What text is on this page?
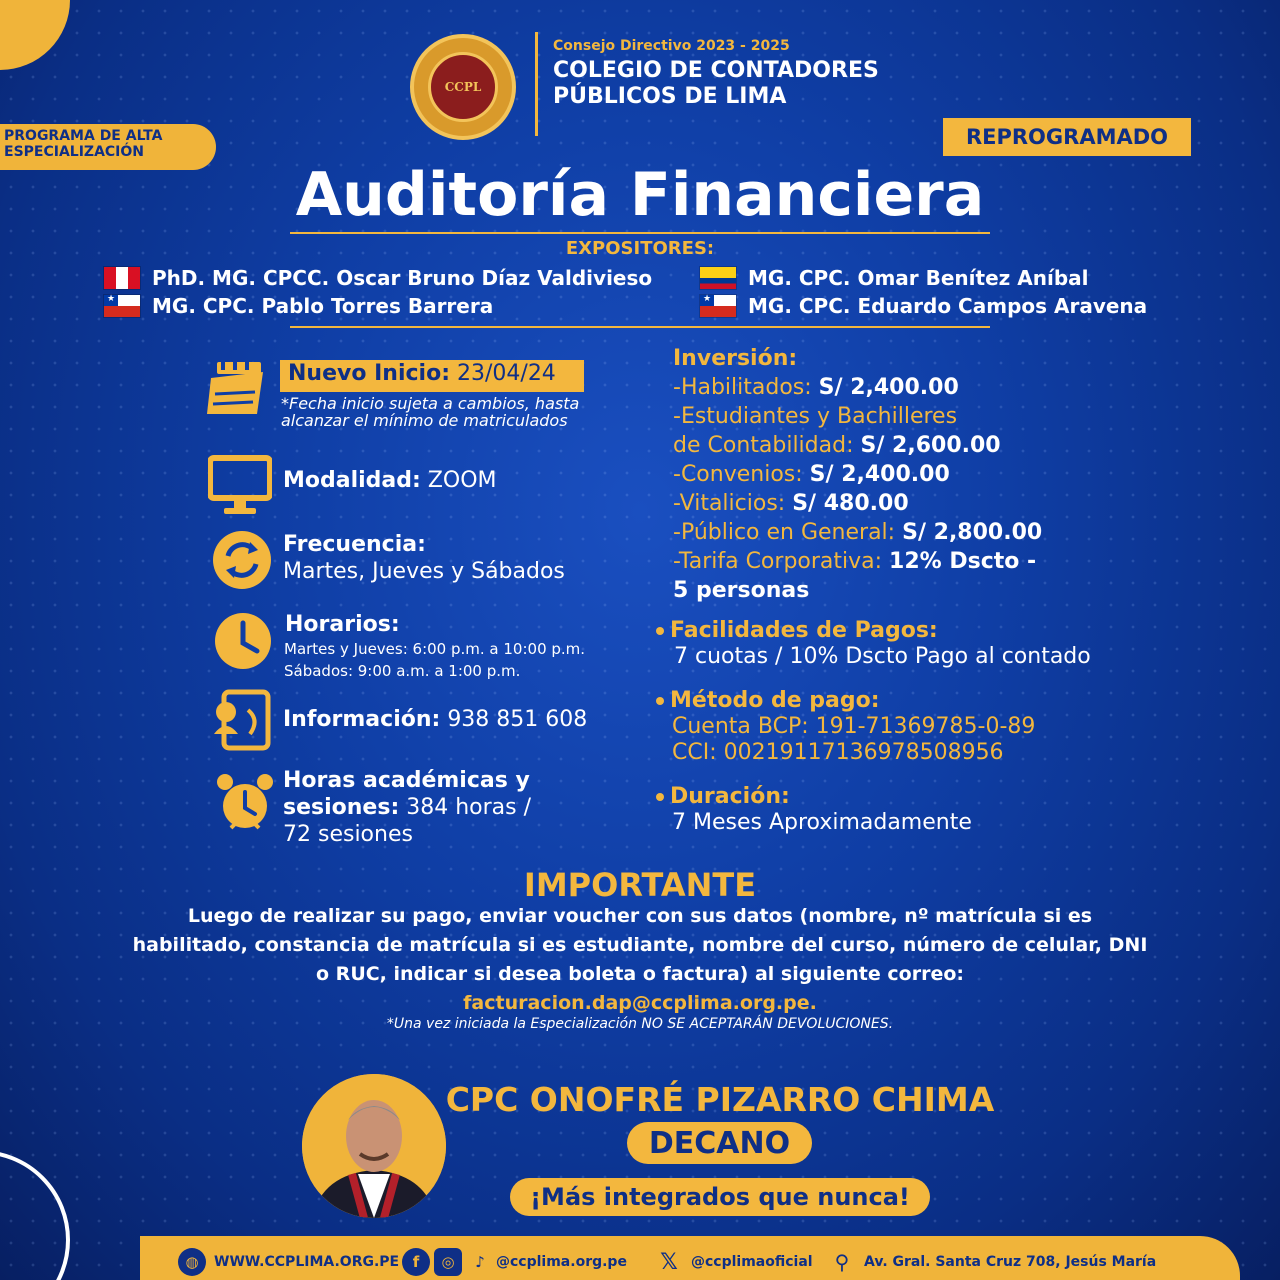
CCPL
Consejo Directivo 2023 - 2025
COLEGIO DE CONTADORES PÚBLICOS DE LIMA
PROGRAMA DE ALTA ESPECIALIZACIÓN
REPROGRAMADO
Auditoría Financiera
EXPOSITORES:
PhD. MG. CPCC. Oscar Bruno Díaz Valdivieso
★
MG. CPC. Pablo Torres Barrera
MG. CPC. Omar Benítez Aníbal
★
MG. CPC. Eduardo Campos Aravena
Nuevo Inicio: 23/04/24
*Fecha inicio sujeta a cambios, hasta alcanzar el mínimo de matriculados
Modalidad: ZOOM
Frecuencia:
Martes, Jueves y Sábados
Horarios:
Martes y Jueves: 6:00 p.m. a 10:00 p.m.
Sábados: 9:00 a.m. a 1:00 p.m.
Información: 938 851 608
Horas académicas y
sesiones: 384 horas /
72 sesiones
Inversión:
-Habilitados: S/ 2,400.00
-Estudiantes y Bachilleres
de Contabilidad: S/ 2,600.00
-Convenios: S/ 2,400.00
-Vitalicios: S/ 480.00
-Público en General: S/ 2,800.00
-Tarifa Corporativa: 12% Dscto -
5 personas
Facilidades de Pagos:
7 cuotas / 10% Dscto Pago al contado
Método de pago:
Cuenta BCP: 191-71369785-0-89
CCI: 00219117136978508956
Duración:
7 Meses Aproximadamente
IMPORTANTE
Luego de realizar su pago, enviar voucher con sus datos (nombre, nº matrícula si es habilitado, constancia de matrícula si es estudiante, nombre del curso, número de celular, DNI o RUC, indicar si desea boleta o factura) al siguiente correo:
facturacion.dap@ccplima.org.pe.
*Una vez iniciada la Especialización NO SE ACEPTARÁN DEVOLUCIONES.
CPC ONOFRÉ PIZARRO CHIMA
DECANO
¡Más integrados que nunca!
◍	WWW.CCPLIMA.ORG.PE f	◎	♪ @ccplima.org.pe 𝕏 @ccplimaoficial	⚲	Av. Gral. Santa Cruz 708, Jesús María
